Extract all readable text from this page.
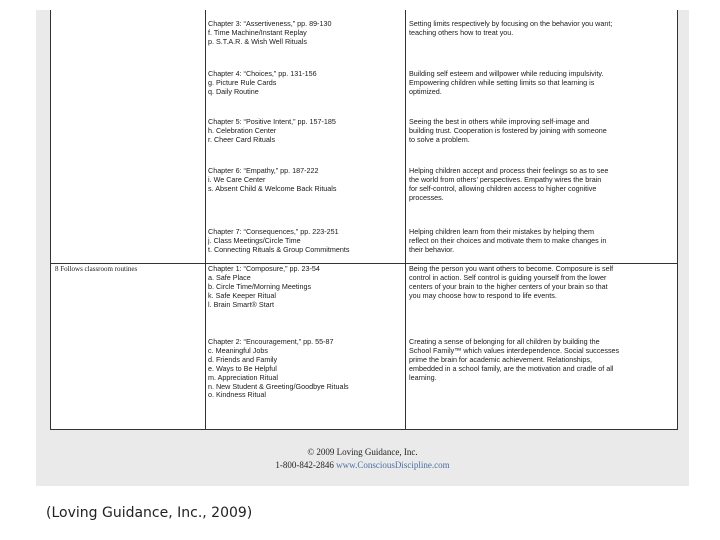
8 Follows classroom routines
Chapter 3: “Assertiveness,” pp. 89-130
f. Time Machine/Instant Replay
p. S.T.A.R. & Wish Well Rituals
Setting limits respectively by focusing on the behavior you want;
teaching others how to treat you.
Chapter 4: “Choices,” pp. 131-156
g. Picture Rule Cards
q. Daily Routine
Building self esteem and willpower while reducing impulsivity.
Empowering children while setting limits so that learning is
optimized.
Chapter 5: “Positive Intent,” pp. 157-185
h. Celebration Center
r. Cheer Card Rituals
Seeing the best in others while improving self-image and
building trust. Cooperation is fostered by joining with someone
to solve a problem.
Chapter 6: “Empathy,” pp. 187-222
i. We Care Center
s. Absent Child & Welcome Back Rituals
Helping children accept and process their feelings so as to see
the world from others’ perspectives. Empathy wires the brain
for self-control, allowing children access to higher cognitive
processes.
Chapter 7: “Consequences,” pp. 223-251
j. Class Meetings/Circle Time
t. Connecting Rituals & Group Commitments
Helping children learn from their mistakes by helping them
reflect on their choices and motivate them to make changes in
their behavior.
Chapter 1: “Composure,” pp. 23-54
a. Safe Place
b. Circle Time/Morning Meetings
k. Safe Keeper Ritual
l. Brain Smart® Start
Being the person you want others to become. Composure is self
control in action. Self control is guiding yourself from the lower
centers of your brain to the higher centers of your brain so that
you may choose how to respond to life events.
Chapter 2: “Encouragement,” pp. 55-87
c. Meaningful Jobs
d. Friends and Family
e. Ways to Be Helpful
m. Appreciation Ritual
n. New Student & Greeting/Goodbye Rituals
o. Kindness Ritual
Creating a sense of belonging for all children by building the
School Family™ which values interdependence. Social successes
prime the brain for academic achievement. Relationships,
embedded in a school family, are the motivation and cradle of all
learning.
© 2009 Loving Guidance, Inc.
1-800-842-2846 www.ConsciousDiscipline.com
(Loving Guidance, Inc., 2009)
